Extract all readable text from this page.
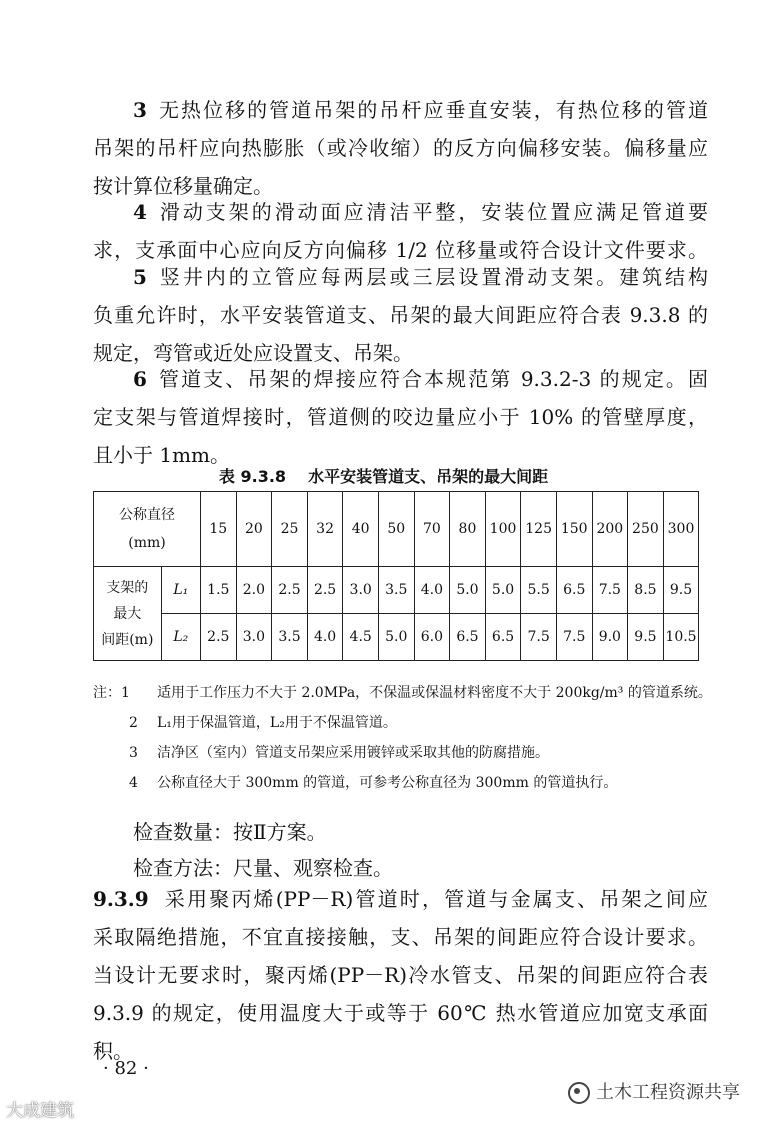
3 无热位移的管道吊架的吊杆应垂直安装，有热位移的管道
吊架的吊杆应向热膨胀（或冷收缩）的反方向偏移安装。偏移量应
按计算位移量确定。
4 滑动支架的滑动面应清洁平整，安装位置应满足管道要
求，支承面中心应向反方向偏移 1/2 位移量或符合设计文件要求。
5 竖井内的立管应每两层或三层设置滑动支架。建筑结构
负重允许时，水平安装管道支、吊架的最大间距应符合表 9.3.8 的
规定，弯管或近处应设置支、吊架。
6 管道支、吊架的焊接应符合本规范第 9.3.2-3 的规定。固
定支架与管道焊接时，管道侧的咬边量应小于 10% 的管壁厚度，
且小于 1mm。
表 9.3.8 水平安装管道支、吊架的最大间距
公称直径
(mm)		15	20	25	32	40	50	70	80	100	125	150	200	250	300

支架的
最大
间距(m)	L₁	1.5	2.0	2.5	2.5	3.0	3.5	4.0	5.0	5.0	5.5	6.5	7.5	8.5	9.5
	L₂	2.5	3.0	3.5	4.0	4.5	5.0	6.0	6.5	6.5	7.5	7.5	9.0	9.5	10.5
注：1 适用于工作压力不大于 2.0MPa，不保温或保温材料密度不大于 200kg/m³ 的管道系统。
2 L₁用于保温管道，L₂用于不保温管道。
3 洁净区（室内）管道支吊架应采用镀锌或采取其他的防腐措施。
4 公称直径大于 300mm 的管道，可参考公称直径为 300mm 的管道执行。
检查数量：按Ⅱ方案。
检查方法：尺量、观察检查。
9.3.9 采用聚丙烯(PP－R)管道时，管道与金属支、吊架之间应
采取隔绝措施，不宜直接接触，支、吊架的间距应符合设计要求。
当设计无要求时，聚丙烯(PP－R)冷水管支、吊架的间距应符合表
9.3.9 的规定，使用温度大于或等于 60℃ 热水管道应加宽支承面
积。
· 82 ·
土木工程资源共享
大成建筑
